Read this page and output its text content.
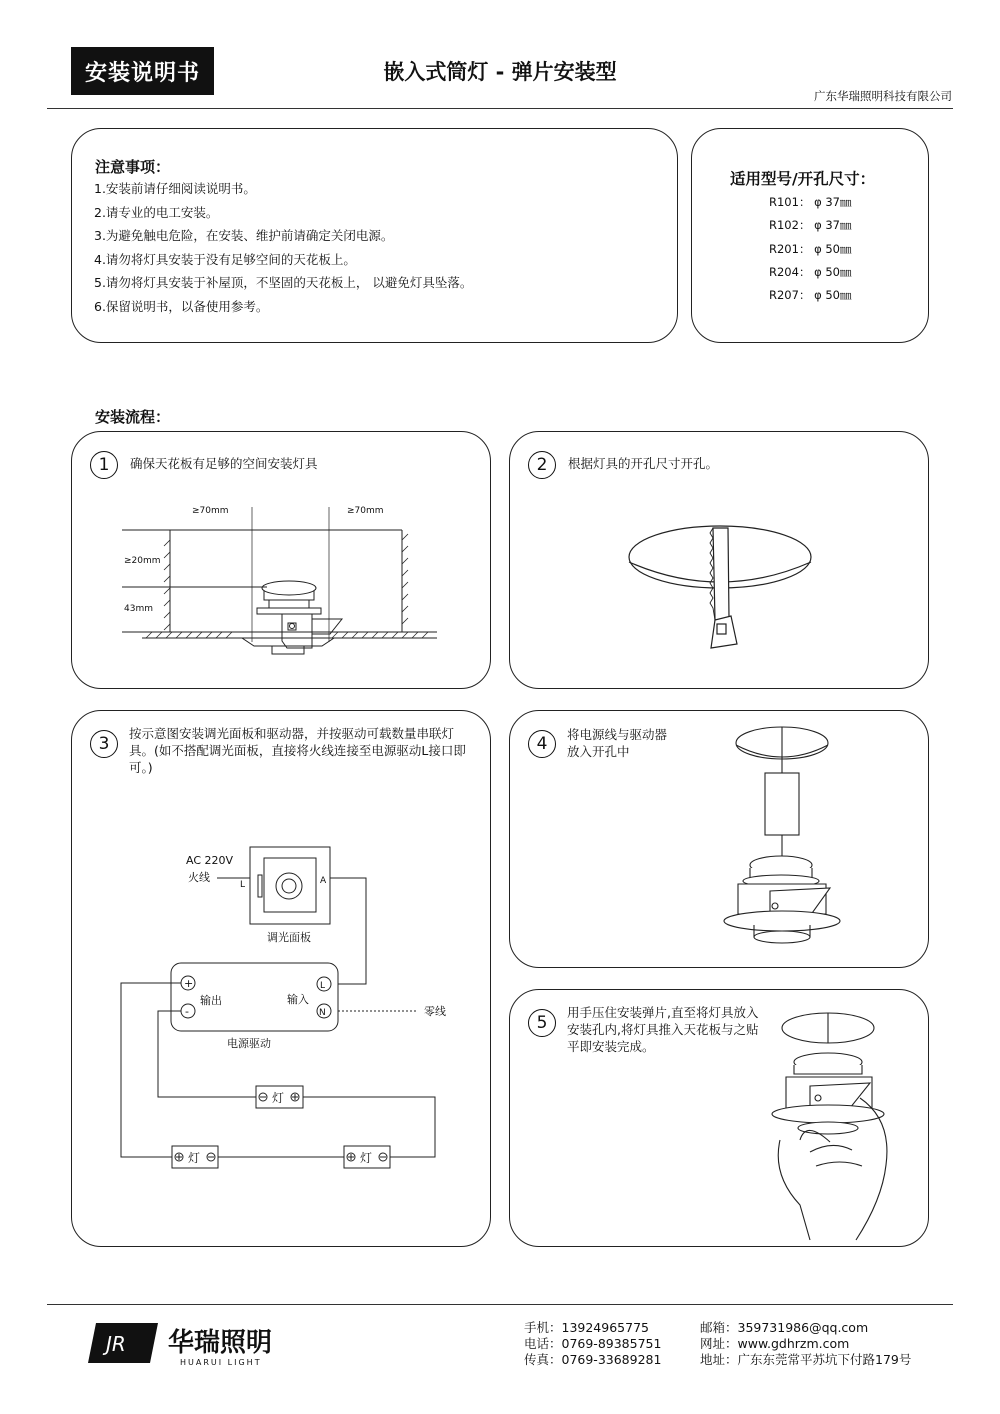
安装说明书	嵌入式筒灯 - 弹片安装型
广东华瑞照明科技有限公司
注意事项：
1.安装前请仔细阅读说明书。
2.请专业的电工安装。
3.为避免触电危险，在安装、维护前请确定关闭电源。
4.请勿将灯具安装于没有足够空间的天花板上。
5.请勿将灯具安装于补屋顶，不坚固的天花板上， 以避免灯具坠落。
6.保留说明书，以备使用参考。
适用型号/开孔尺寸：
R101： φ 37㎜
R102： φ 37㎜
R201： φ 50㎜
R204： φ 50㎜
R207： φ 50㎜
安装流程：
1	确保天花板有足够的空间安装灯具
≥70mm	≥70mm
≥20mm
43mm
2	根据灯具的开孔尺寸开孔。
3
按示意图安装调光面板和驱动器，并按驱动可载数量串联灯具。(如不搭配调光面板，直接将火线连接至电源驱动L接口即可。)
AC 220V
火线
L	A
调光面板
+
-
输出	输入
L
N	零线
电源驱动
灯
灯	灯
4	将电源线与驱动器放入开孔中
5
用手压住安装弹片,直至将灯具放入安装孔内,将灯具推入天花板与之贴平即安装完成。
JR 华瑞照明
HUARUI LIGHT
手机：13924965775
电话：0769-89385751
传真：0769-33689281
邮箱：359731986@qq.com
网址：www.gdhrzm.com
地址：广东东莞常平苏坑下付路179号
